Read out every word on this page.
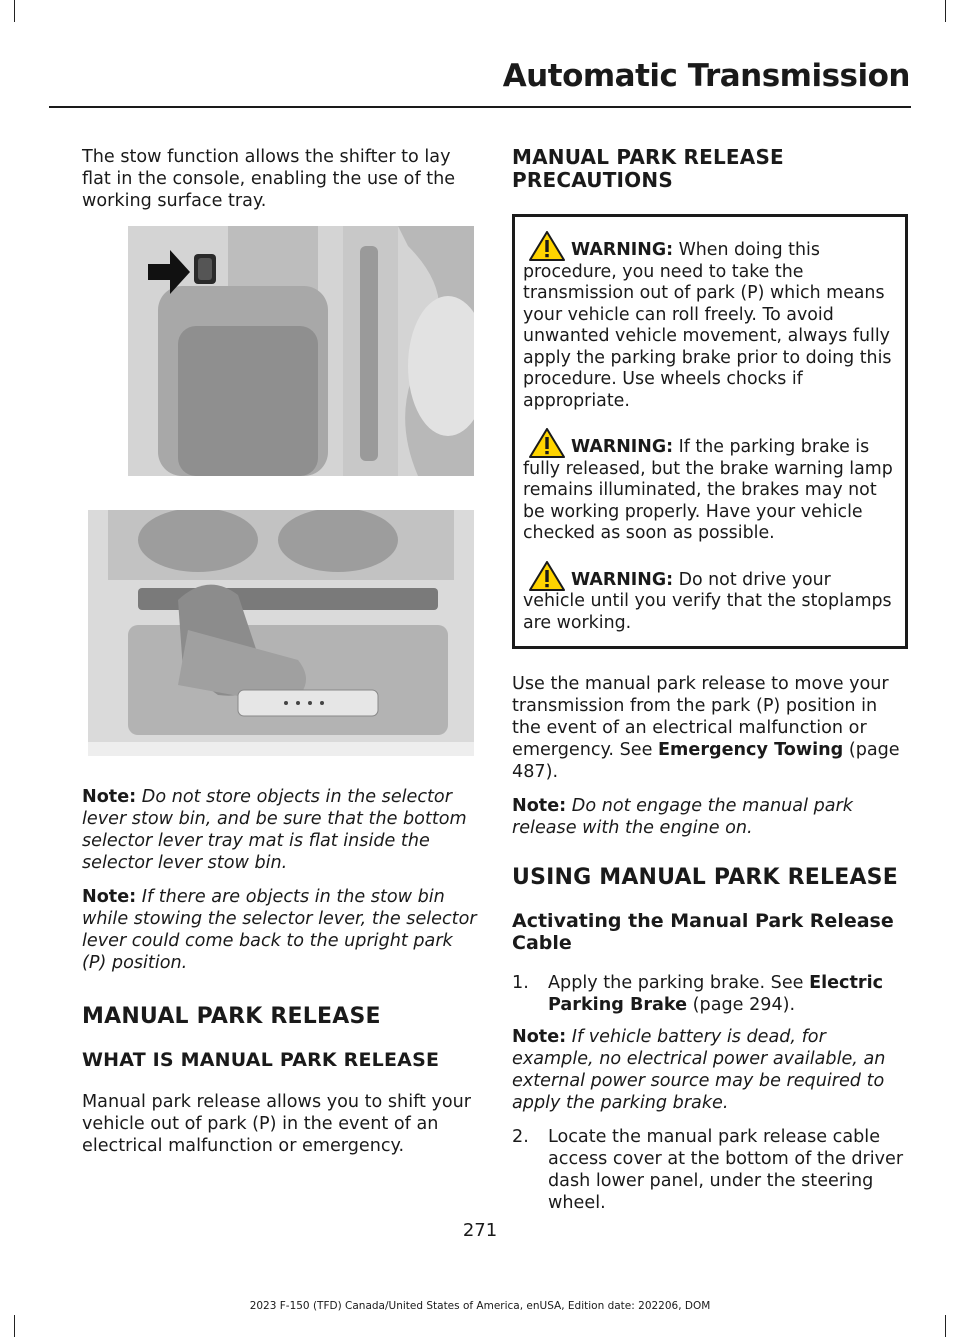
Automatic Transmission

The stow function allows the shifter to lay flat in the console, enabling the use of the working surface tray.

Note: Do not store objects in the selector lever stow bin, and be sure that the bottom selector lever tray mat is flat inside the selector lever stow bin.

Note: If there are objects in the stow bin while stowing the selector lever, the selector lever could come back to the upright park (P) position.

MANUAL PARK RELEASE
WHAT IS MANUAL PARK RELEASE

Manual park release allows you to shift your vehicle out of park (P) in the event of an electrical malfunction or emergency.

MANUAL PARK RELEASE PRECAUTIONS

WARNING: When doing this procedure, you need to take the transmission out of park (P) which means your vehicle can roll freely. To avoid unwanted vehicle movement, always fully apply the parking brake prior to doing this procedure. Use wheels chocks if appropriate.

WARNING: If the parking brake is fully released, but the brake warning lamp remains illuminated, the brakes may not be working properly. Have your vehicle checked as soon as possible.

WARNING: Do not drive your vehicle until you verify that the stoplamps are working.

Use the manual park release to move your transmission from the park (P) position in the event of an electrical malfunction or emergency. See Emergency Towing (page 487).

Note: Do not engage the manual park release with the engine on.

USING MANUAL PARK RELEASE
Activating the Manual Park Release Cable
1.	Apply the parking brake. See Electric Parking Brake (page 294).

Note: If vehicle battery is dead, for example, no electrical power available, an external power source may be required to apply the parking brake.

2.	Locate the manual park release cable access cover at the bottom of the driver dash lower panel, under the steering wheel.
271
2023 F-150 (TFD) Canada/United States of America, enUSA, Edition date: 202206, DOM
